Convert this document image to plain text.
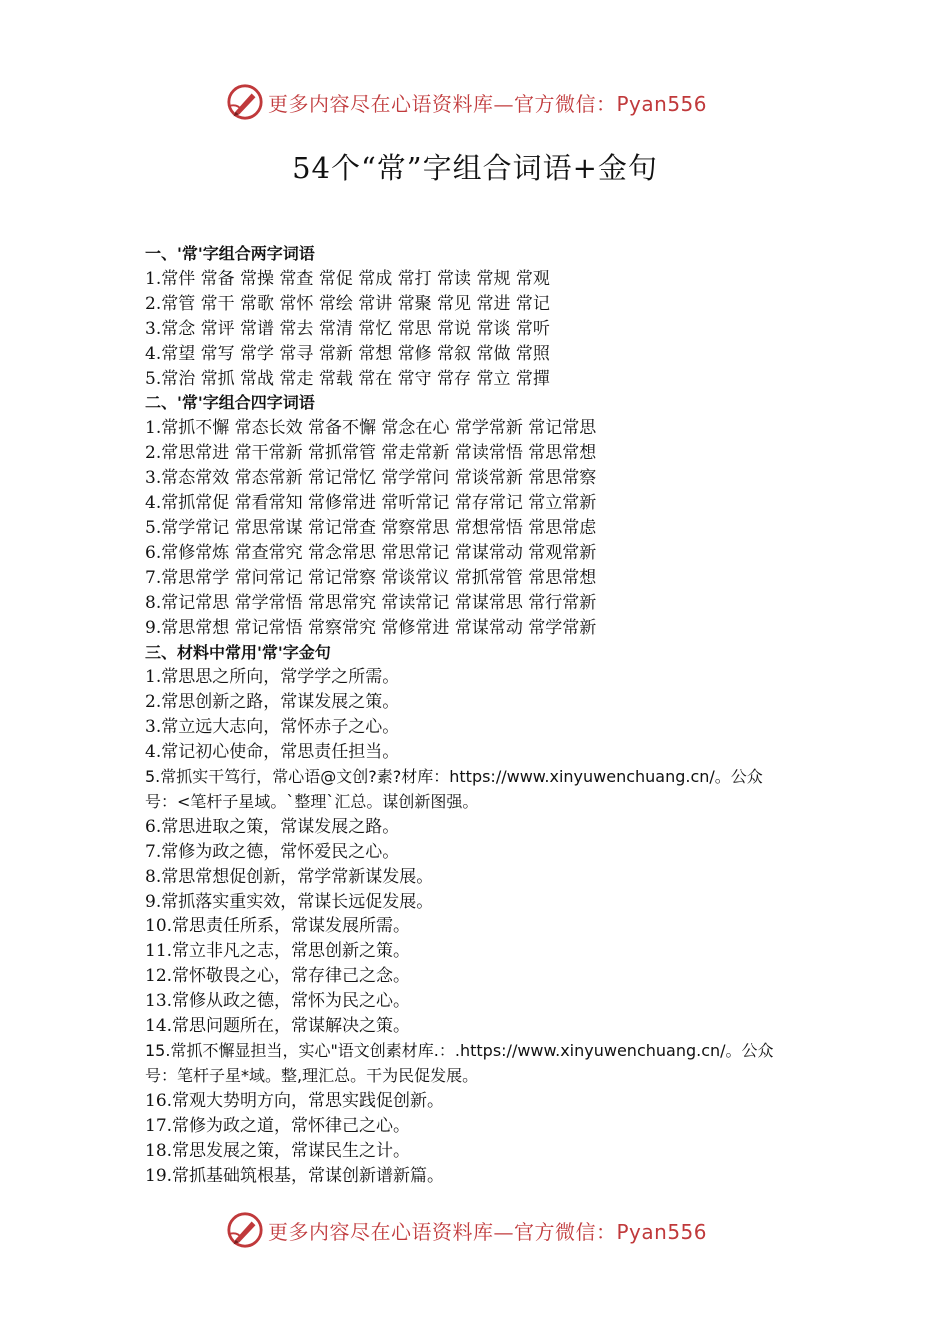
更多内容尽在心语资料库—官方微信：Pyan556
54个“常”字组合词语+金句
一、'常'字组合两字词语
1.常伴 常备 常操 常查 常促 常成 常打 常读 常规 常观
2.常管 常干 常歌 常怀 常绘 常讲 常聚 常见 常进 常记
3.常念 常评 常谱 常去 常清 常忆 常思 常说 常谈 常听
4.常望 常写 常学 常寻 常新 常想 常修 常叙 常做 常照
5.常治 常抓 常战 常走 常载 常在 常守 常存 常立 常撣
二、'常'字组合四字词语
1.常抓不懈 常态长效 常备不懈 常念在心 常学常新 常记常思
2.常思常进 常干常新 常抓常管 常走常新 常读常悟 常思常想
3.常态常效 常态常新 常记常忆 常学常问 常谈常新 常思常察
4.常抓常促 常看常知 常修常进 常听常记 常存常记 常立常新
5.常学常记 常思常谋 常记常查 常察常思 常想常悟 常思常虑
6.常修常炼 常查常究 常念常思 常思常记 常谋常动 常观常新
7.常思常学 常问常记 常记常察 常谈常议 常抓常管 常思常想
8.常记常思 常学常悟 常思常究 常读常记 常谋常思 常行常新
9.常思常想 常记常悟 常察常究 常修常进 常谋常动 常学常新
三、材料中常用'常'字金句
1.常思思之所向，常学学之所需。
2.常思创新之路，常谋发展之策。
3.常立远大志向，常怀赤子之心。
4.常记初心使命，常思责任担当。
5.常抓实干笃行，常心语@文创?素?材库：https://www.xinyuwenchuang.cn/。公众
号：<笔杆子星域。`整理`汇总。谋创新图强。
6.常思进取之策，常谋发展之路。
7.常修为政之德，常怀爱民之心。
8.常思常想促创新，常学常新谋发展。
9.常抓落实重实效，常谋长远促发展。
10.常思责任所系，常谋发展所需。
11.常立非凡之志，常思创新之策。
12.常怀敬畏之心，常存律己之念。
13.常修从政之德，常怀为民之心。
14.常思问题所在，常谋解决之策。
15.常抓不懈显担当，实心"语文创素材库.：.https://www.xinyuwenchuang.cn/。公众
号：笔杆子星*域。整,理汇总。干为民促发展。
16.常观大势明方向，常思实践促创新。
17.常修为政之道，常怀律己之心。
18.常思发展之策，常谋民生之计。
19.常抓基础筑根基，常谋创新谱新篇。
更多内容尽在心语资料库—官方微信：Pyan556
